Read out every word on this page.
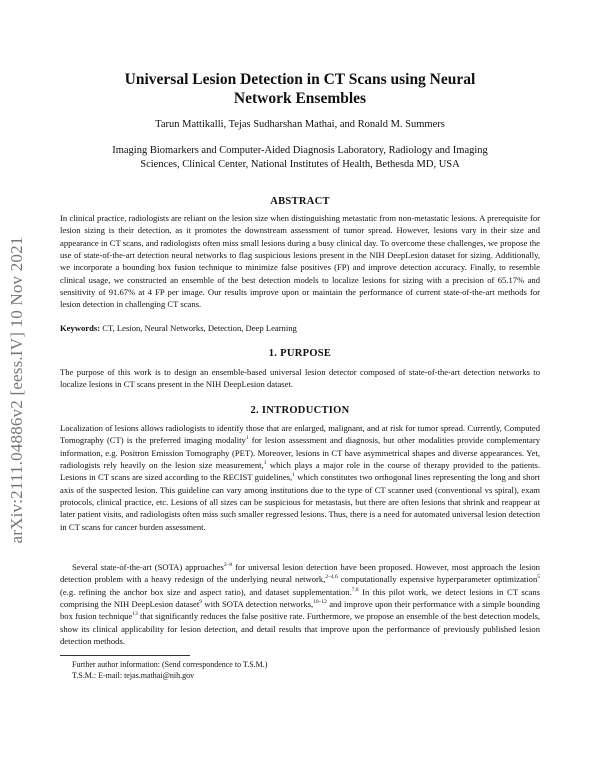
arXiv:2111.04886v2 [eess.IV] 10 Nov 2021
Universal Lesion Detection in CT Scans using Neural
Network Ensembles
Tarun Mattikalli, Tejas Sudharshan Mathai, and Ronald M. Summers
Imaging Biomarkers and Computer-Aided Diagnosis Laboratory, Radiology and Imaging
Sciences, Clinical Center, National Institutes of Health, Bethesda MD, USA
ABSTRACT

In clinical practice, radiologists are reliant on the lesion size when distinguishing metastatic from non-metastatic lesions. A prerequisite for lesion sizing is their detection, as it promotes the downstream assessment of tumor spread. However, lesions vary in their size and appearance in CT scans, and radiologists often miss small lesions during a busy clinical day. To overcome these challenges, we propose the use of state-of-the-art detection neural networks to flag suspicious lesions present in the NIH DeepLesion dataset for sizing. Additionally, we incorporate a bounding box fusion technique to minimize false positives (FP) and improve detection accuracy. Finally, to resemble clinical usage, we constructed an ensemble of the best detection models to localize lesions for sizing with a precision of 65.17% and sensitivity of 91.67% at 4 FP per image. Our results improve upon or maintain the performance of current state-of-the-art methods for lesion detection in challenging CT scans.

Keywords: CT, Lesion, Neural Networks, Detection, Deep Learning
1. PURPOSE

The purpose of this work is to design an ensemble-based universal lesion detector composed of state-of-the-art detection networks to localize lesions in CT scans present in the NIH DeepLesion dataset.

2. INTRODUCTION

Localization of lesions allows radiologists to identify those that are enlarged, malignant, and at risk for tumor spread. Currently, Computed Tomography (CT) is the preferred imaging modality$^1$ for lesion assessment and diagnosis, but other modalities provide complementary information, e.g. Positron Emission Tomography (PET). Moreover, lesions in CT have asymmetrical shapes and diverse appearances. Yet, radiologists rely heavily on the lesion size measurement,$^1$ which plays a major role in the course of therapy provided to the patients. Lesions in CT scans are sized according to the RECIST guidelines,$^1$ which constitutes two orthogonal lines representing the long and short axis of the suspected lesion. This guideline can vary among institutions due to the type of CT scanner used (conventional vs spiral), exam protocols, clinical practice, etc. Lesions of all sizes can be suspicious for metastasis, but there are often lesions that shrink and reappear at later patient visits, and radiologists often miss such smaller regressed lesions. Thus, there is a need for automated universal lesion detection in CT scans for cancer burden assessment.

Several state-of-the-art (SOTA) approaches$^{2-8}$ for universal lesion detection have been proposed. However, most approach the lesion detection problem with a heavy redesign of the underlying neural network,$^{2-4,6}$ computationally expensive hyperparameter optimization$^5$ (e.g. refining the anchor box size and aspect ratio), and dataset supplementation.$^{7,8}$ In this pilot work, we detect lesions in CT scans comprising the NIH DeepLesion dataset$^9$ with SOTA detection networks,$^{10-12}$ and improve upon their performance with a simple bounding box fusion technique$^{13}$ that significantly reduces the false positive rate. Furthermore, we propose an ensemble of the best detection models, show its clinical applicability for lesion detection, and detail results that improve upon the performance of previously published lesion detection methods.

Further author information: (Send correspondence to T.S.M.)
T.S.M.: E-mail: tejas.mathai@nih.gov
